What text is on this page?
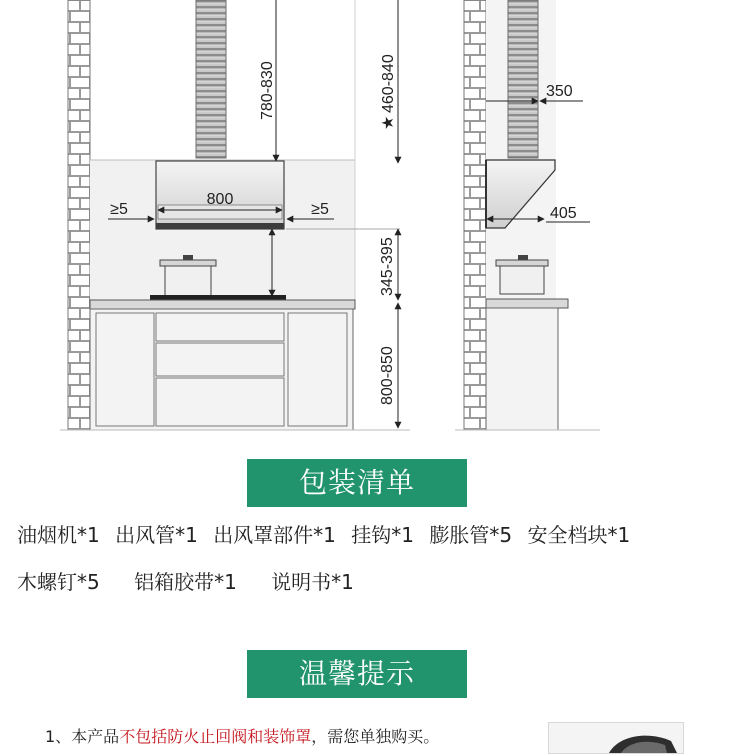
800
≥5	≥5
780-830
345-395
800-850
★
460-840	350
405
包装清单
油烟机*1 出风管*1 出风罩部件*1 挂钩*1 膨胀管*5 安全档块*1
木螺钉*5 铝箱胶带*1 说明书*1
温馨提示
1、本产品不包括防火止回阀和装饰罩，需您单独购买。
